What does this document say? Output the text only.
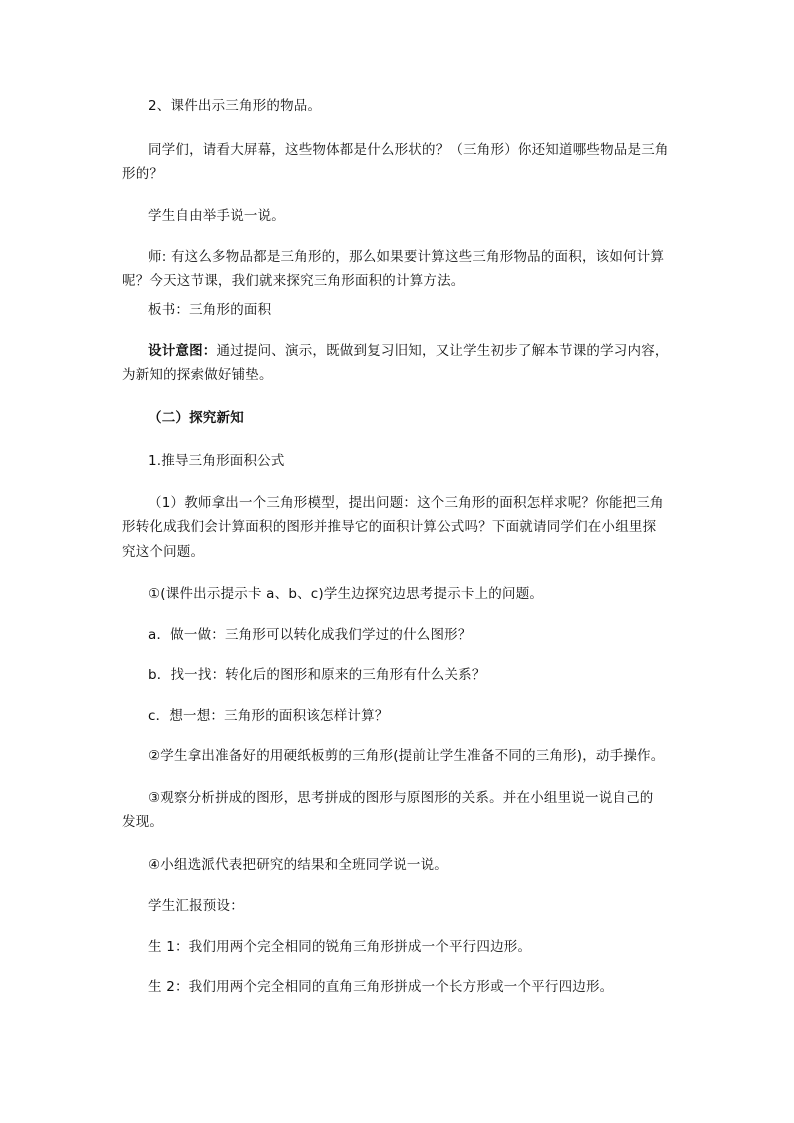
2、课件出示三角形的物品。
同学们，请看大屏幕，这些物体都是什么形状的？（三角形）你还知道哪些物品是三角
形的？
学生自由举手说一说。
师: 有这么多物品都是三角形的，那么如果要计算这些三角形物品的面积，该如何计算
呢？今天这节课，我们就来探究三角形面积的计算方法。
板书：三角形的面积
设计意图：通过提问、演示，既做到复习旧知，又让学生初步了解本节课的学习内容，
为新知的探索做好铺垫。
（二）探究新知
1.推导三角形面积公式
（1）教师拿出一个三角形模型，提出问题：这个三角形的面积怎样求呢？你能把三角
形转化成我们会计算面积的图形并推导它的面积计算公式吗？下面就请同学们在小组里探
究这个问题。
①(课件出示提示卡 a、b、c)学生边探究边思考提示卡上的问题。
a．做一做：三角形可以转化成我们学过的什么图形？
b．找一找：转化后的图形和原来的三角形有什么关系？
c．想一想：三角形的面积该怎样计算？
②学生拿出准备好的用硬纸板剪的三角形(提前让学生准备不同的三角形)，动手操作。
③观察分析拼成的图形，思考拼成的图形与原图形的关系。并在小组里说一说自己的
发现。
④小组选派代表把研究的结果和全班同学说一说。
学生汇报预设：
生 1：我们用两个完全相同的锐角三角形拼成一个平行四边形。
生 2：我们用两个完全相同的直角三角形拼成一个长方形或一个平行四边形。
